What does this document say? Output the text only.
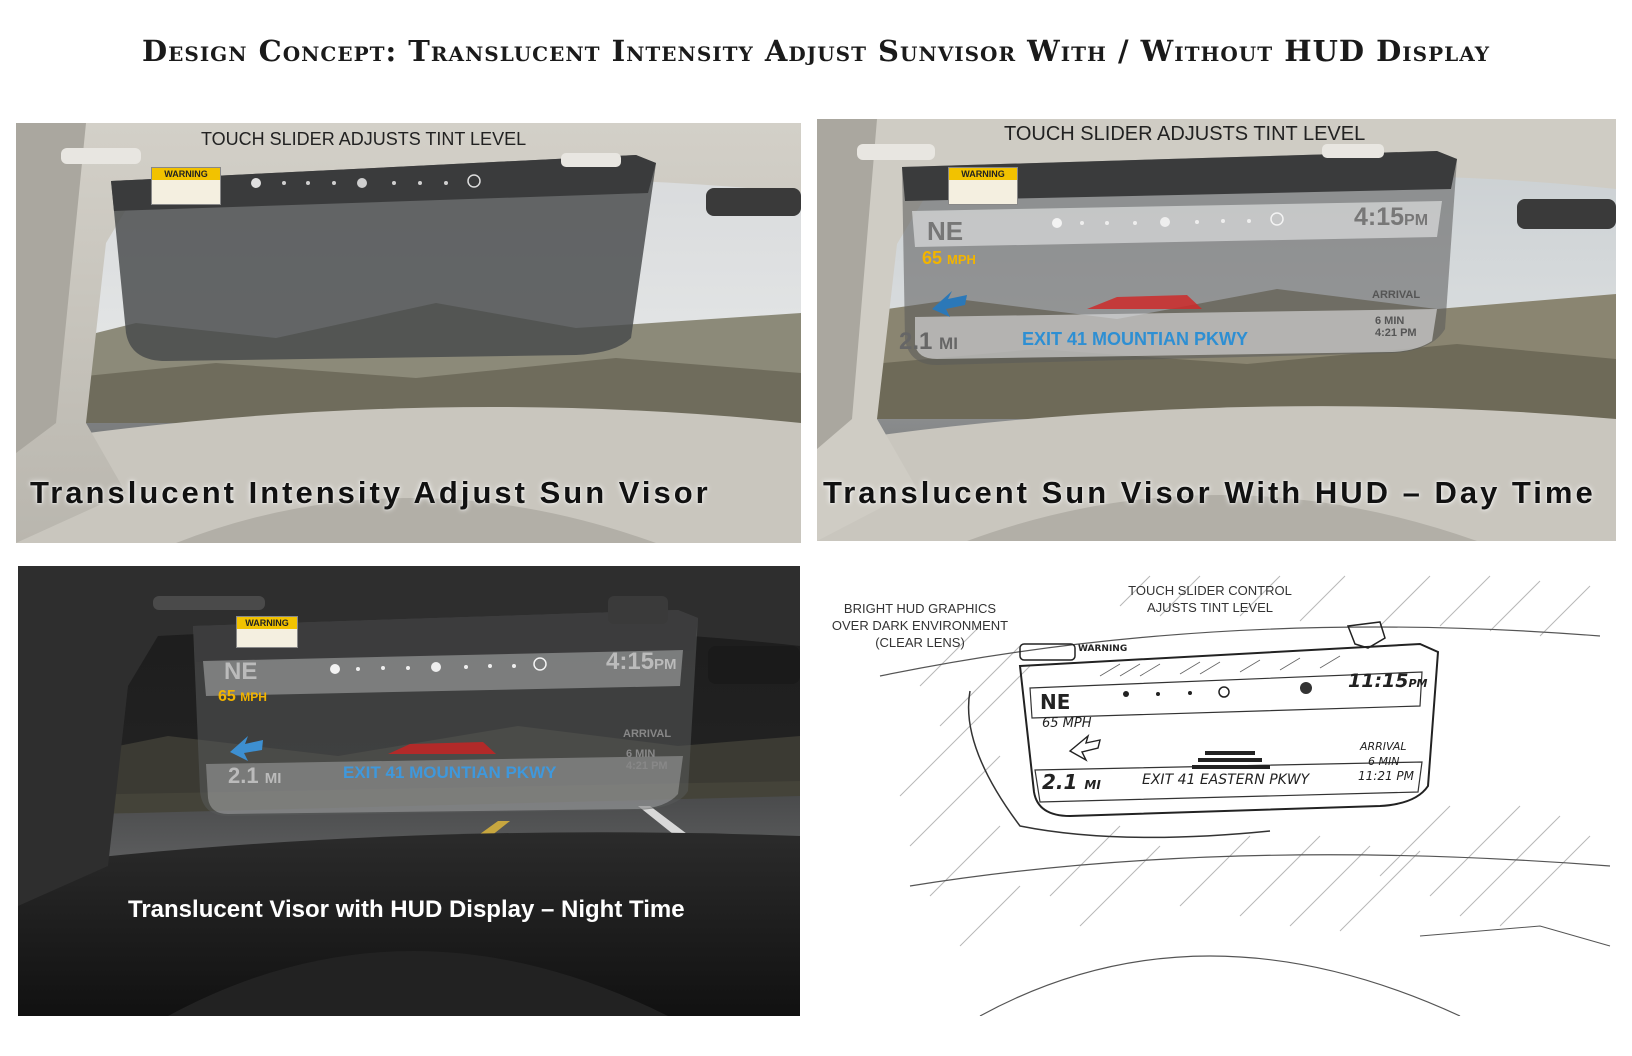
Design Concept: Translucent Intensity Adjust Sunvisor With / Without HUD Display
WARNING
TOUCH SLIDER ADJUSTS TINT LEVEL
Translucent Intensity Adjust Sun Visor
WARNING
TOUCH SLIDER ADJUSTS TINT LEVEL
NE
65 MPH
4:15PM
ARRIVAL
6 MIN
4:21 PM
2.1 MI	EXIT 41 MOUNTIAN PKWY
Translucent Sun Visor With HUD – Day Time
WARNING
NE
65 MPH
4:15PM
ARRIVAL
6 MIN
4:21 PM
2.1 MI	EXIT 41 MOUNTIAN PKWY
Translucent Visor with HUD Display – Night Time
BRIGHT HUD GRAPHICS
OVER DARK ENVIRONMENT
(CLEAR LENS)
TOUCH SLIDER CONTROL
AJUSTS TINT LEVEL
WARNING
NE
65 MPH
11:15PM
ARRIVAL
6 MIN
11:21 PM
2.1 MI	EXIT 41 EASTERN PKWY
